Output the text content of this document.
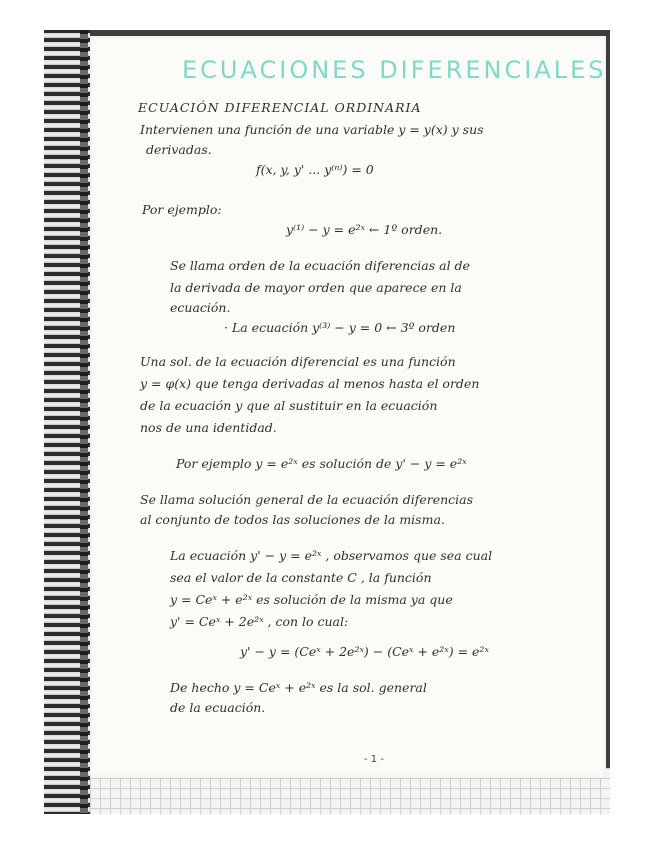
ECUACIONES DIFERENCIALES
ECUACIÓN DIFERENCIAL ORDINARIA
Intervienen una función de una variable y = y(x) y sus
derivadas.
f(x, y, y' ... y⁽ⁿ⁾) = 0
Por ejemplo:
y⁽¹⁾ − y = e²ˣ ← 1º orden.
Se llama orden de la ecuación diferencias al de
la derivada de mayor orden que aparece en la
ecuación.
· La ecuación y⁽³⁾ − y = 0 ← 3º orden
Una sol. de la ecuación diferencial es una función
y = φ(x) que tenga derivadas al menos hasta el orden
de la ecuación y que al sustituir en la ecuación
nos de una identidad.
Por ejemplo y = e²ˣ es solución de y' − y = e²ˣ
Se llama solución general de la ecuación diferencias
al conjunto de todos las soluciones de la misma.
La ecuación y' − y = e²ˣ , observamos que sea cual
sea el valor de la constante C , la función
y = Ceˣ + e²ˣ es solución de la misma ya que
y' = Ceˣ + 2e²ˣ , con lo cual:
y' − y = (Ceˣ + 2e²ˣ) − (Ceˣ + e²ˣ) = e²ˣ
De hecho y = Ceˣ + e²ˣ es la sol. general
de la ecuación.
- 1 -
